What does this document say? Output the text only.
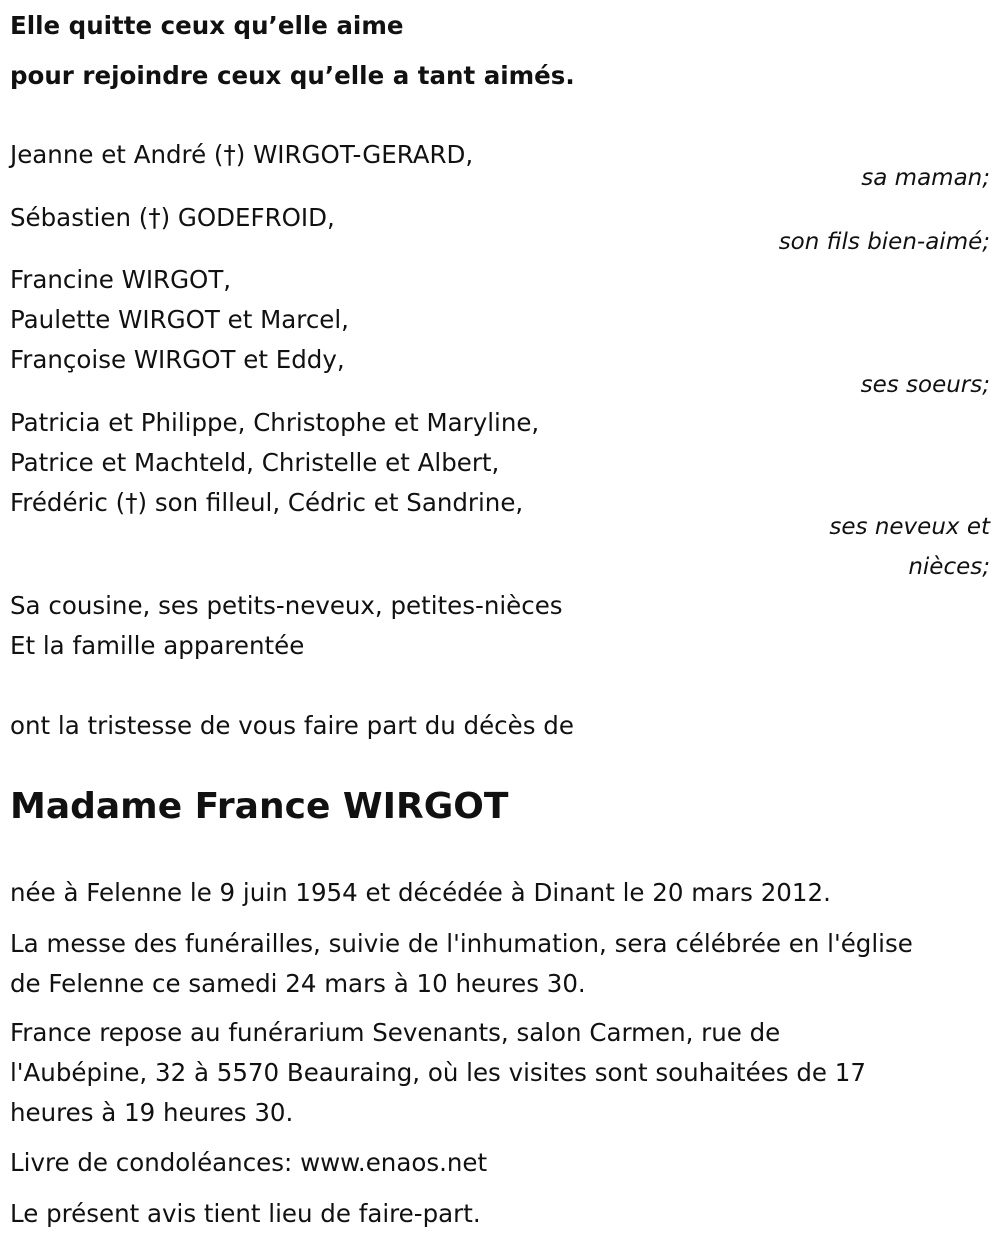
Elle quitte ceux qu’elle aime

pour rejoindre ceux qu’elle a tant aimés.

Jeanne et André (†) WIRGOT-GERARD,

sa maman;

Sébastien (†) GODEFROID,

son fils bien-aimé;

Francine WIRGOT,

Paulette WIRGOT et Marcel,

Françoise WIRGOT et Eddy,

ses soeurs;

Patricia et Philippe, Christophe et Maryline,

Patrice et Machteld, Christelle et Albert,

Frédéric (†) son filleul, Cédric et Sandrine,

ses neveux et

nièces;

Sa cousine, ses petits-neveux, petites-nièces

Et la famille apparentée

ont la tristesse de vous faire part du décès de

Madame France WIRGOT

née à Felenne le 9 juin 1954 et décédée à Dinant le 20 mars 2012.

La messe des funérailles, suivie de l'inhumation, sera célébrée en l'église

de Felenne ce samedi 24 mars à 10 heures 30.

France repose au funérarium Sevenants, salon Carmen, rue de

l'Aubépine, 32 à 5570 Beauraing, où les visites sont souhaitées de 17

heures à 19 heures 30.

Livre de condoléances: www.enaos.net

Le présent avis tient lieu de faire-part.
